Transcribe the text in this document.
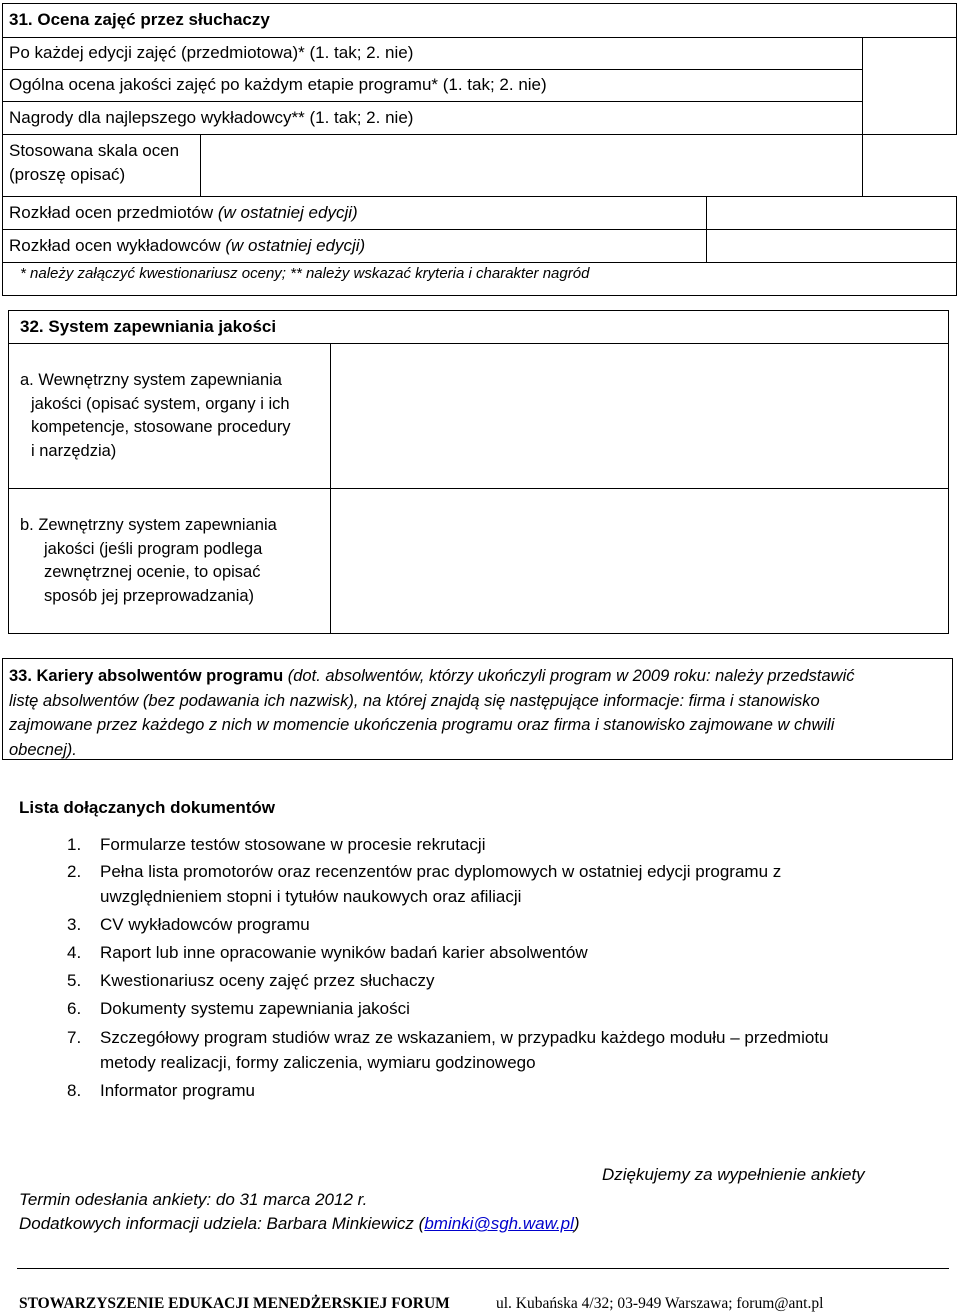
31. Ocena zajęć przez słuchaczy
Po każdej edycji zajęć (przedmiotowa)* (1. tak; 2. nie)
Ogólna ocena jakości zajęć po każdym etapie programu* (1. tak; 2. nie)
Nagrody dla najlepszego wykładowcy** (1. tak; 2. nie)
Stosowana skala ocen
(proszę opisać)
Rozkład ocen przedmiotów (w ostatniej edycji)
Rozkład ocen wykładowców (w ostatniej edycji)
* należy załączyć kwestionariusz oceny; ** należy wskazać kryteria i charakter nagród
32. System zapewniania jakości
a. Wewnętrzny system zapewniania
jakości (opisać system, organy i ich
kompetencje, stosowane procedury
i narzędzia)
b. Zewnętrzny system zapewniania
jakości (jeśli program podlega
zewnętrznej ocenie, to opisać
sposób jej przeprowadzania)
33. Kariery absolwentów programu (dot. absolwentów, którzy ukończyli program w 2009 roku: należy przedstawić
listę absolwentów (bez podawania ich nazwisk), na której znajdą się następujące informacje: firma i stanowisko
zajmowane przez każdego z nich w momencie ukończenia programu oraz firma i stanowisko zajmowane w chwili
obecnej).
Lista dołączanych dokumentów
1. Formularze testów stosowane w procesie rekrutacji
2. Pełna lista promotorów oraz recenzentów prac dyplomowych w ostatniej edycji programu z
uwzględnieniem stopni i tytułów naukowych oraz afiliacji
3. CV wykładowców programu
4. Raport lub inne opracowanie wyników badań karier absolwentów
5. Kwestionariusz oceny zajęć przez słuchaczy
6. Dokumenty systemu zapewniania jakości
7. Szczegółowy program studiów wraz ze wskazaniem, w przypadku każdego modułu – przedmiotu
metody realizacji, formy zaliczenia, wymiaru godzinowego
8. Informator programu
Dziękujemy za wypełnienie ankiety
Termin odesłania ankiety: do 31 marca 2012 r.
Dodatkowych informacji udziela: Barbara Minkiewicz (bminki@sgh.waw.pl)
STOWARZYSZENIE EDUKACJI MENEDŻERSKIEJ FORUM	ul. Kubańska 4/32; 03-949 Warszawa; forum@ant.pl
